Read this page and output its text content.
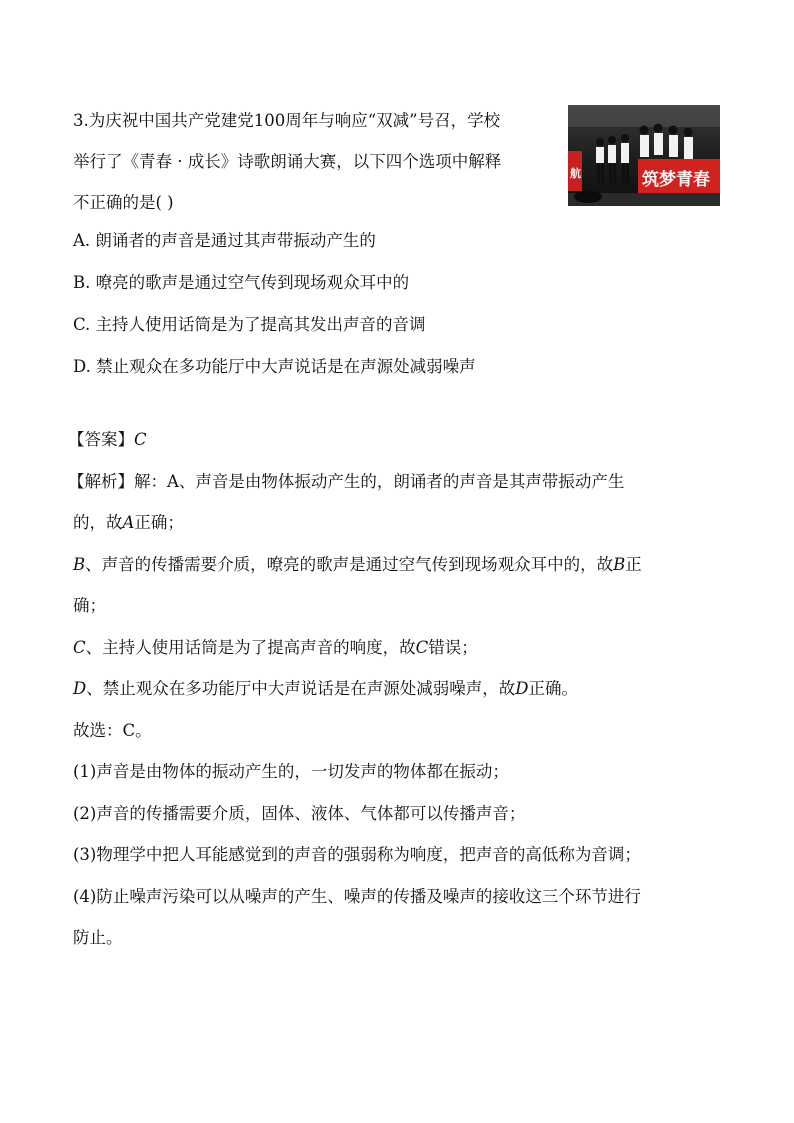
3.为庆祝中国共产党建党100周年与响应“双减”号召，学校
举行了《青春 · 成长》诗歌朗诵大赛，以下四个选项中解释
不正确的是( )
航	筑梦青春
A. 朗诵者的声音是通过其声带振动产生的
B. 嘹亮的歌声是通过空气传到现场观众耳中的
C. 主持人使用话筒是为了提高其发出声音的音调
D. 禁止观众在多功能厅中大声说话是在声源处减弱噪声
【答案】C
【解析】解：A、声音是由物体振动产生的，朗诵者的声音是其声带振动产生
的，故A正确；
B、声音的传播需要介质，嘹亮的歌声是通过空气传到现场观众耳中的，故B正
确；
C、主持人使用话筒是为了提高声音的响度，故C错误；
D、禁止观众在多功能厅中大声说话是在声源处减弱噪声，故D正确。
故选：C。
(1)声音是由物体的振动产生的，一切发声的物体都在振动；
(2)声音的传播需要介质，固体、液体、气体都可以传播声音；
(3)物理学中把人耳能感觉到的声音的强弱称为响度，把声音的高低称为音调；
(4)防止噪声污染可以从噪声的产生、噪声的传播及噪声的接收这三个环节进行
防止。
